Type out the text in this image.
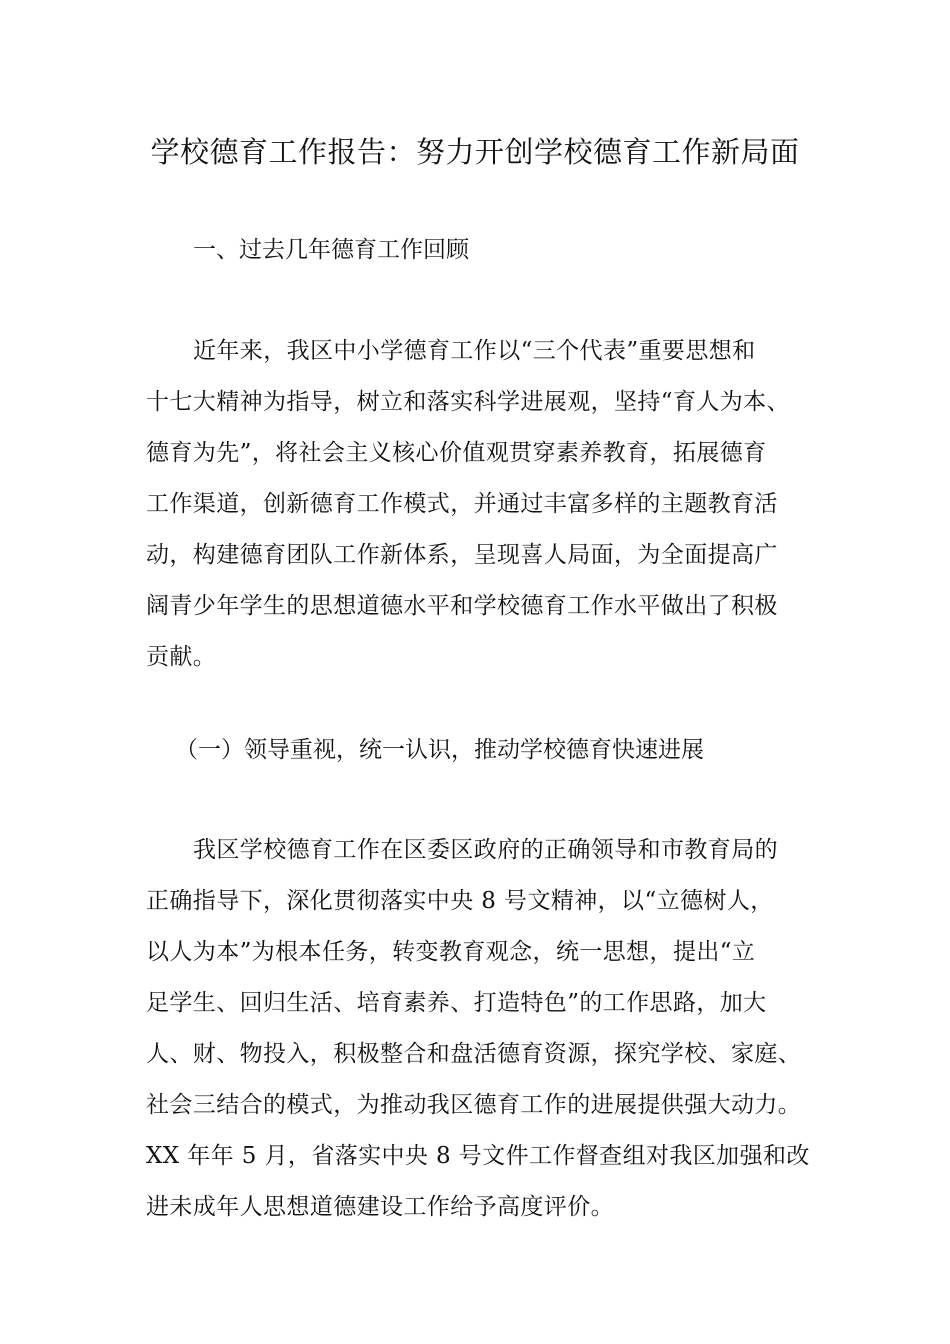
学校德育工作报告：努力开创学校德育工作新局面
一、过去几年德育工作回顾
近年来，我区中小学德育工作以“三个代表”重要思想和
十七大精神为指导，树立和落实科学进展观，坚持“育人为本、
德育为先”，将社会主义核心价值观贯穿素养教育，拓展德育
工作渠道，创新德育工作模式，并通过丰富多样的主题教育活
动，构建德育团队工作新体系，呈现喜人局面，为全面提高广
阔青少年学生的思想道德水平和学校德育工作水平做出了积极
贡献。
（一）领导重视，统一认识，推动学校德育快速进展
我区学校德育工作在区委区政府的正确领导和市教育局的
正确指导下，深化贯彻落实中央 8 号文精神，以“立德树人，
以人为本”为根本任务，转变教育观念，统一思想，提出“立
足学生、回归生活、培育素养、打造特色”的工作思路，加大
人、财、物投入，积极整合和盘活德育资源，探究学校、家庭、
社会三结合的模式，为推动我区德育工作的进展提供强大动力。
XX 年年 5 月，省落实中央 8 号文件工作督查组对我区加强和改
进未成年人思想道德建设工作给予高度评价。
